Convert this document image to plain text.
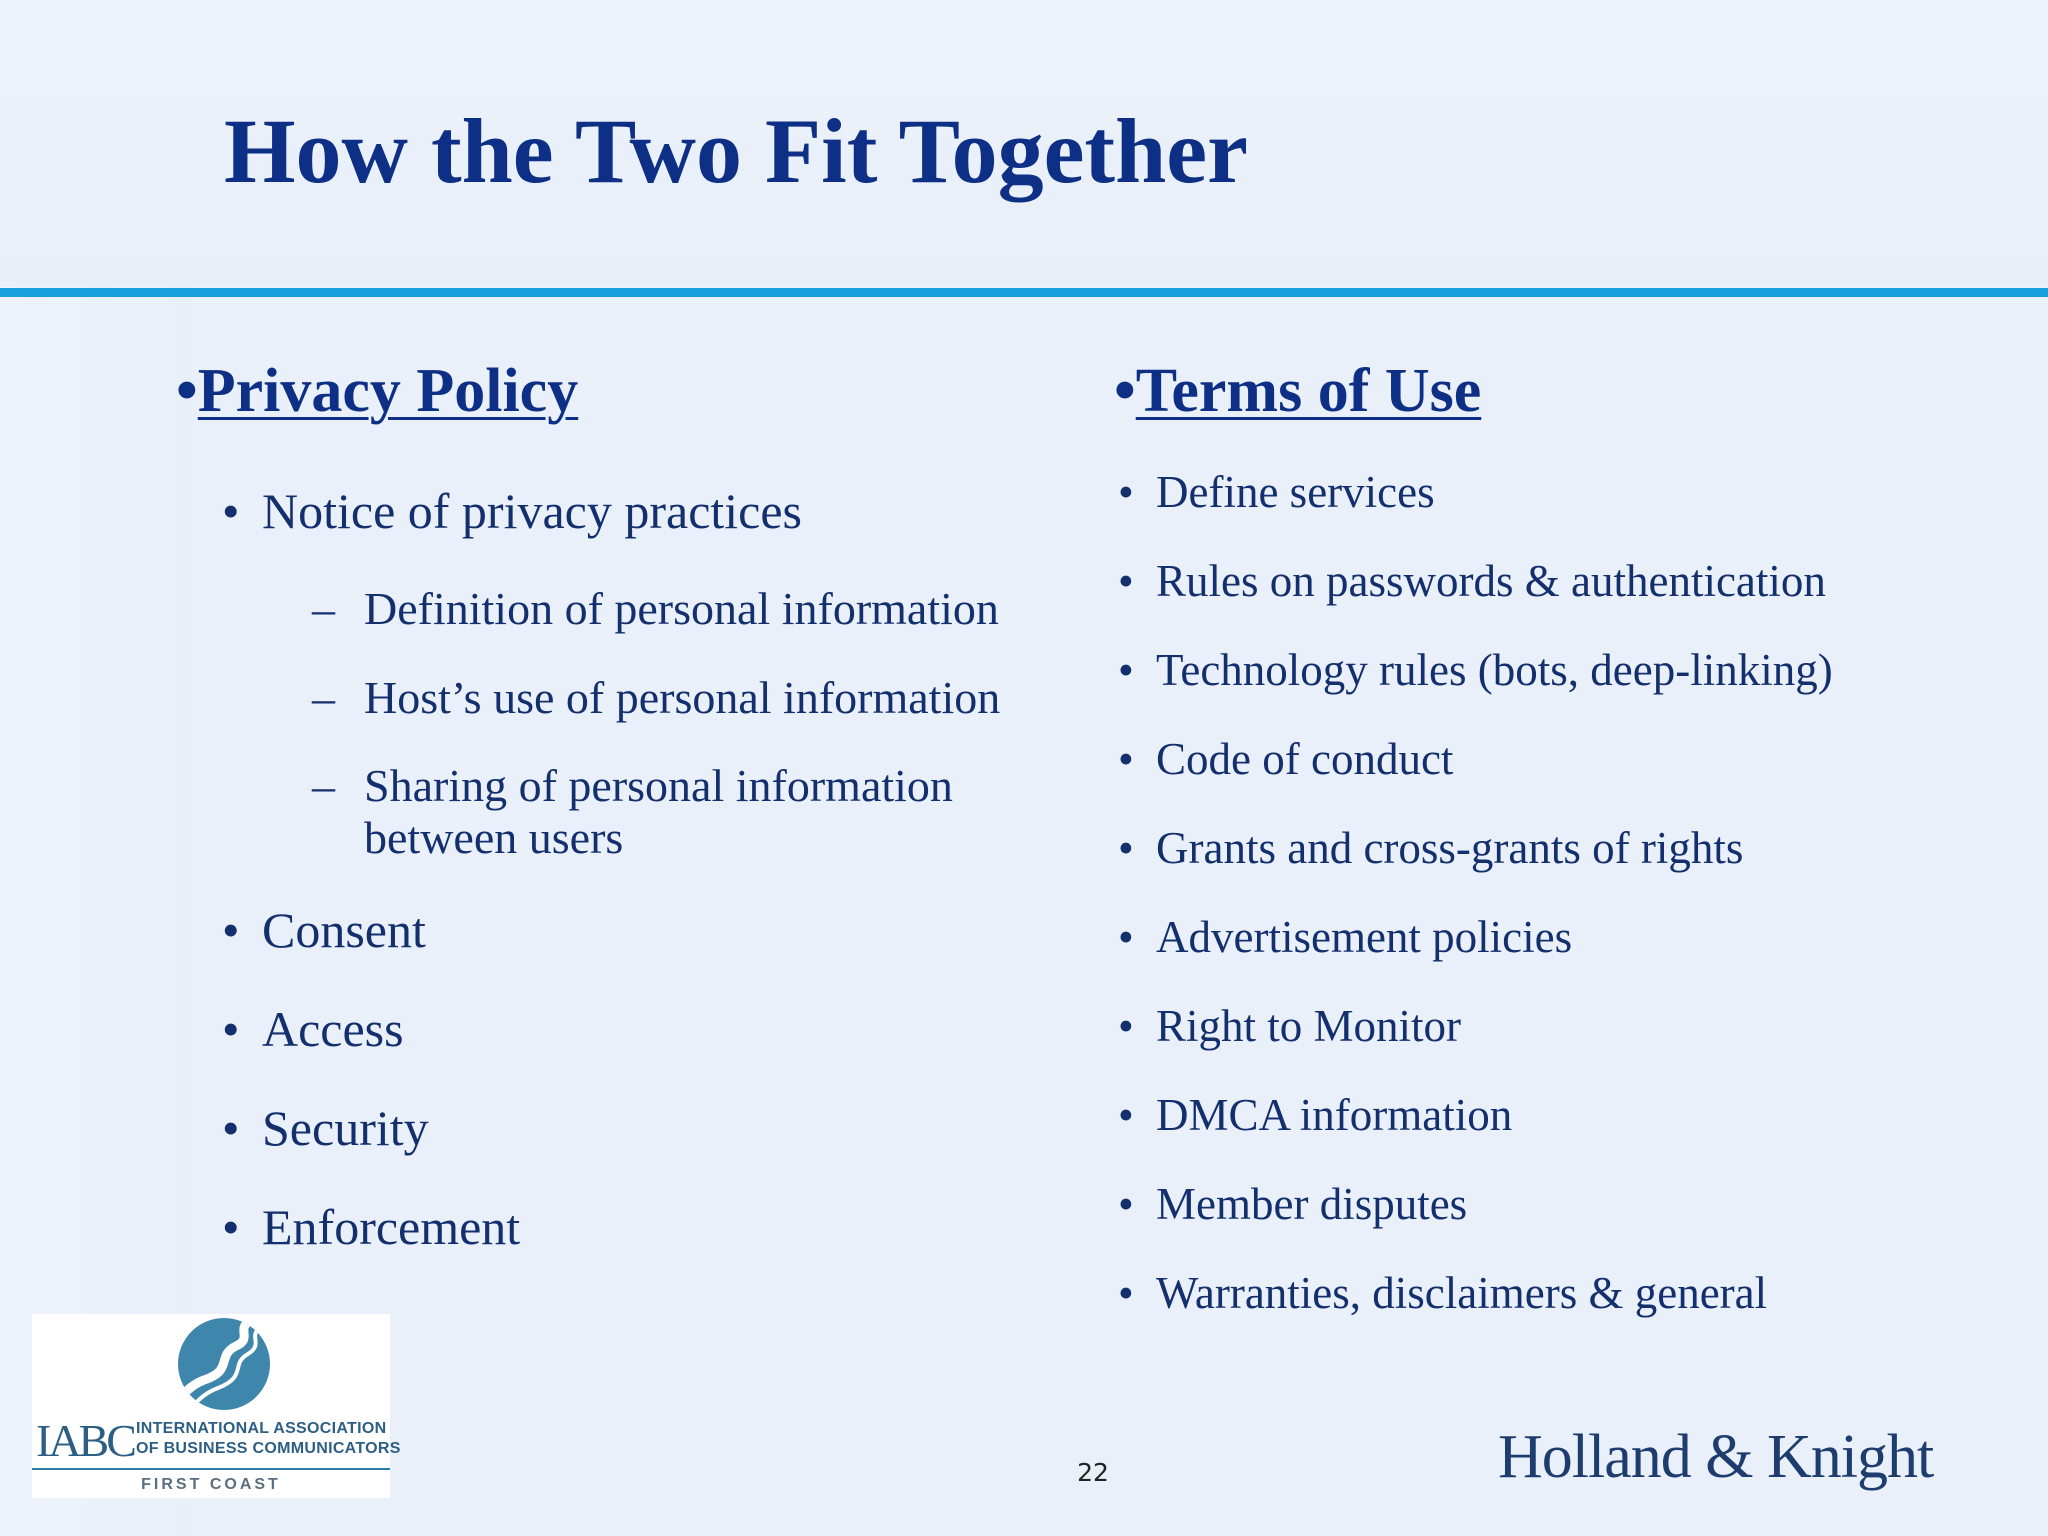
How the Two Fit Together
•Privacy Policy
• Notice of privacy practices
– Definition of personal information
– Host’s use of personal information
– Sharing of personal information between users
• Consent
• Access
• Security
• Enforcement
•Terms of Use
• Define services
• Rules on passwords & authentication
• Technology rules (bots, deep-linking)
• Code of conduct
• Grants and cross-grants of rights
• Advertisement policies
• Right to Monitor
• DMCA information
• Member disputes
• Warranties, disclaimers & general
IABC INTERNATIONAL ASSOCIATION
OF BUSINESS COMMUNICATORS
FIRST COAST	22	Holland & Knight
